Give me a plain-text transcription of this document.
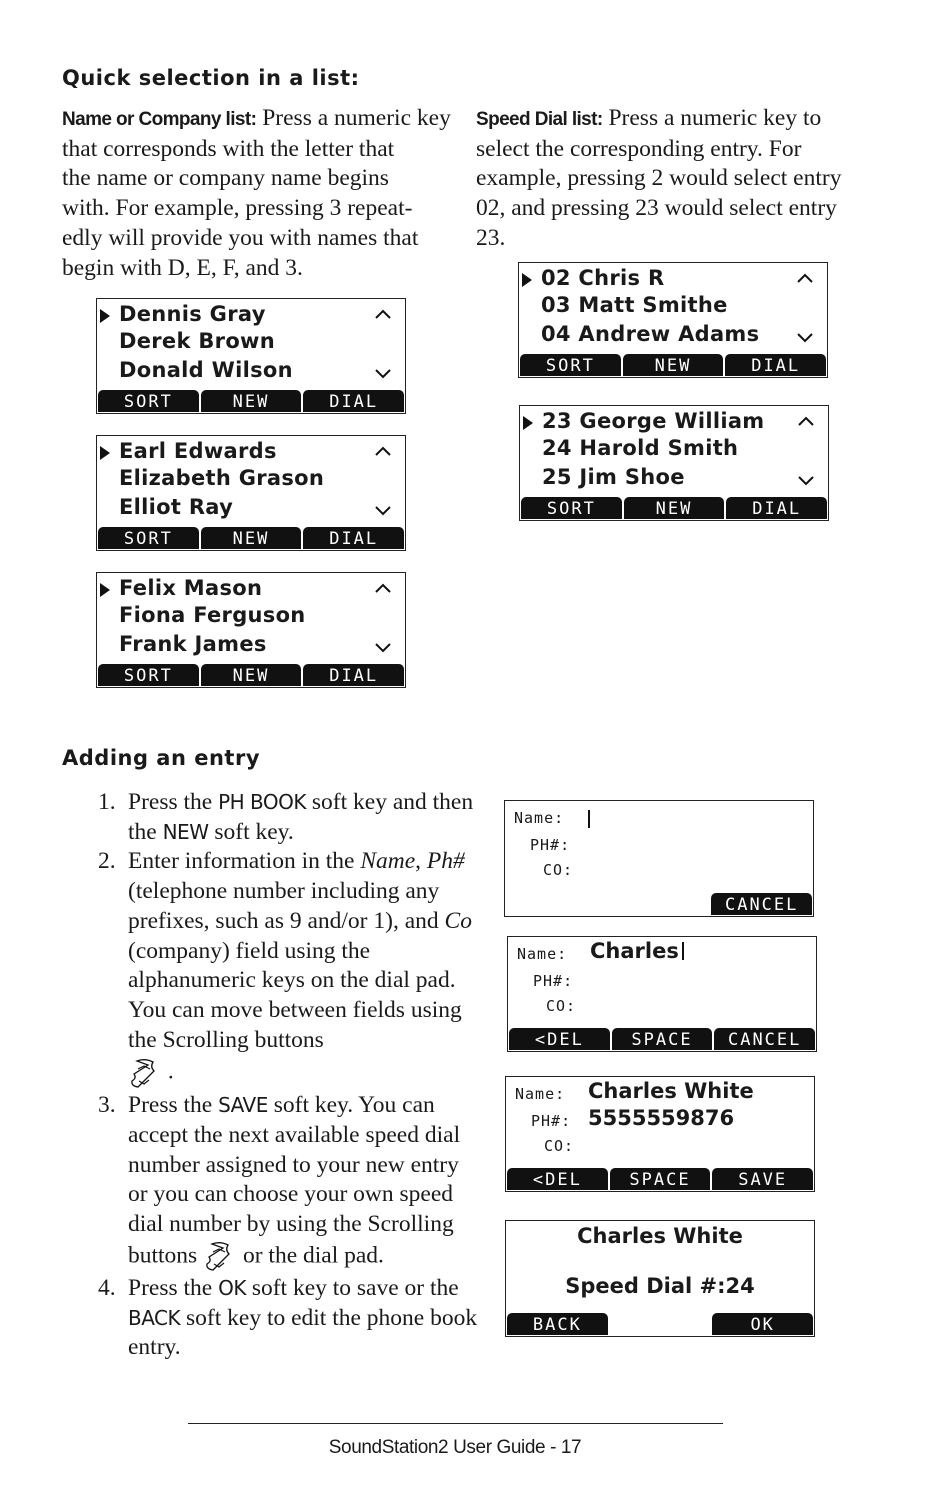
Quick selection in a list:
Name or Company list: Press a numeric key
that corresponds with the letter that
the name or company name begins
with. For example, pressing 3 repeat-
edly will provide you with names that
begin with D, E, F, and 3.
Speed Dial list: Press a numeric key to
select the corresponding entry. For
example, pressing 2 would select entry
02, and pressing 23 would select entry
23.
Dennis Gray
Derek Brown
Donald Wilson
SORT	NEW	DIAL
Earl Edwards
Elizabeth Grason
Elliot Ray
SORT	NEW	DIAL
Felix Mason
Fiona Ferguson
Frank James
SORT	NEW	DIAL
02 Chris R
03 Matt Smithe
04 Andrew Adams
SORT	NEW	DIAL
23 George William
24 Harold Smith
25 Jim Shoe
SORT	NEW	DIAL
Adding an entry
1. Press the PH BOOK soft key and then the NEW soft key.
2. Enter information in the Name, Ph# (telephone number including any prefixes, such as 9 and/or 1), and Co (company) field using the alphanumeric keys on the dial pad. You can move between fields using the Scrolling buttons
.
3. Press the SAVE soft key. You can accept the next available speed dial number assigned to your new entry or you can choose your own speed dial number by using the Scrolling buttons  or the dial pad.
4. Press the OK soft key to save or the BACK soft key to edit the phone book entry.
Name:
PH#:
CO:
CANCEL
Name: Charles
PH#:
CO:
<DEL	SPACE	CANCEL
Name: Charles White
PH#: 5555559876
CO:
<DEL	SPACE	SAVE
Charles White
Speed Dial #:24
BACK	OK
SoundStation2 User Guide - 17
